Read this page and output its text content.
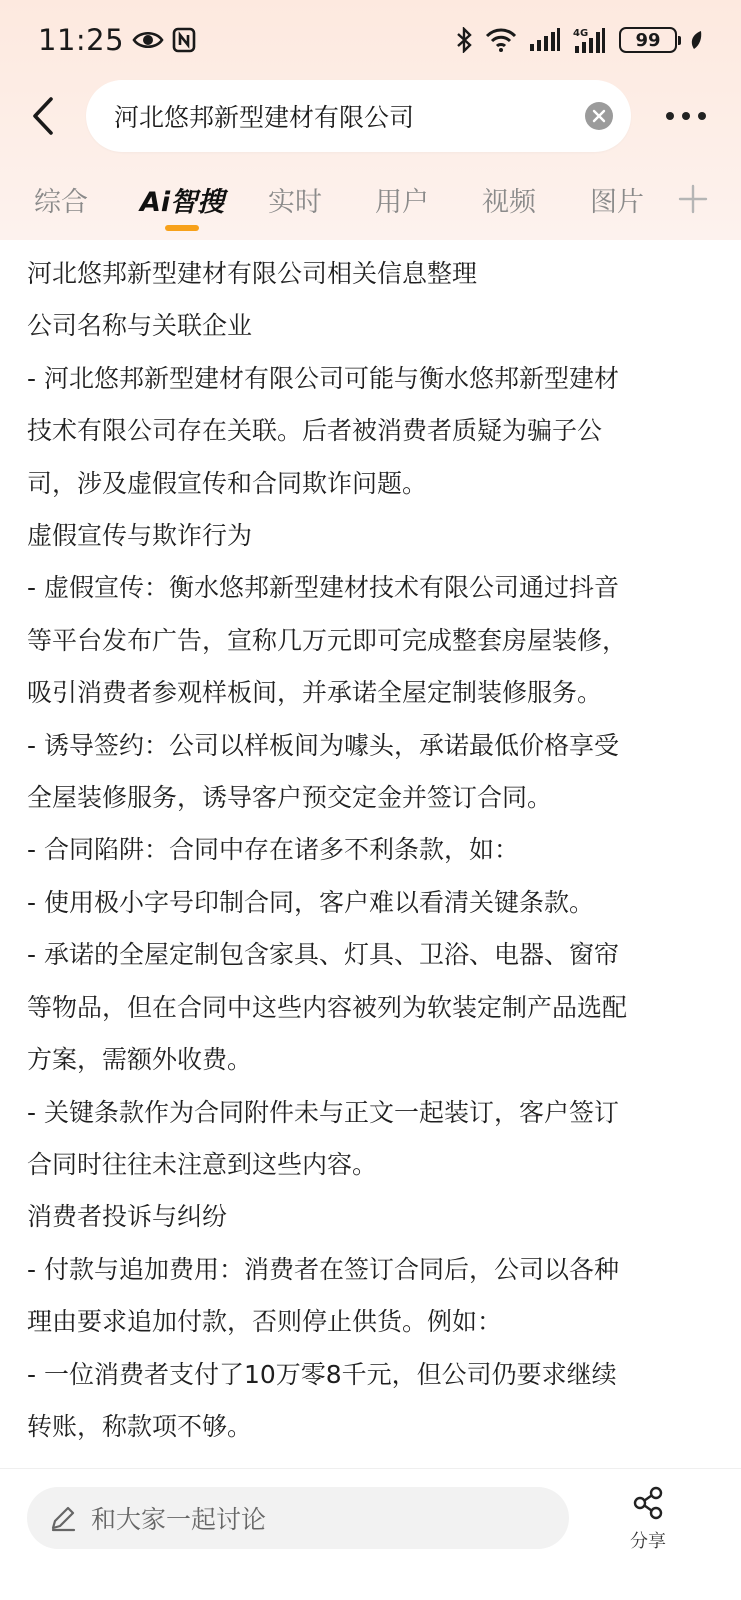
11:25	4G	99
河北悠邦新型建材有限公司
综合 Ai智搜 实时 用户 视频 图片
河北悠邦新型建材有限公司相关信息整理
公司名称与关联企业
- 河北悠邦新型建材有限公司可能与衡水悠邦新型建材
技术有限公司存在关联。后者被消费者质疑为骗子公
司，涉及虚假宣传和合同欺诈问题。
虚假宣传与欺诈行为
- 虚假宣传：衡水悠邦新型建材技术有限公司通过抖音
等平台发布广告，宣称几万元即可完成整套房屋装修，
吸引消费者参观样板间，并承诺全屋定制装修服务。
- 诱导签约：公司以样板间为噱头，承诺最低价格享受
全屋装修服务，诱导客户预交定金并签订合同。
- 合同陷阱：合同中存在诸多不利条款，如：
- 使用极小字号印制合同，客户难以看清关键条款。
- 承诺的全屋定制包含家具、灯具、卫浴、电器、窗帘
等物品，但在合同中这些内容被列为软装定制产品选配
方案，需额外收费。
- 关键条款作为合同附件未与正文一起装订，客户签订
合同时往往未注意到这些内容。
消费者投诉与纠纷
- 付款与追加费用：消费者在签订合同后，公司以各种
理由要求追加付款，否则停止供货。例如：
- 一位消费者支付了10万零8千元，但公司仍要求继续
转账，称款项不够。
和大家一起讨论
分享
